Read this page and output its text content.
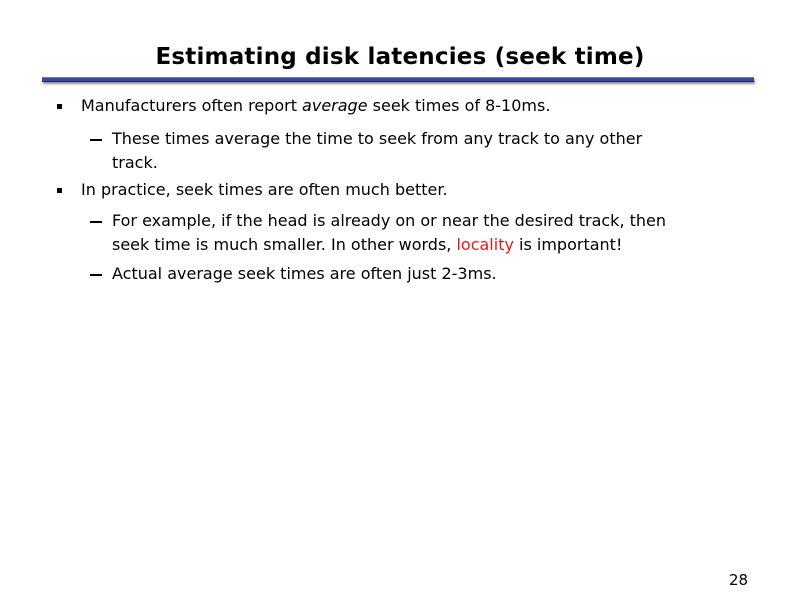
Estimating disk latencies (seek time)
Manufacturers often report average seek times of 8-10ms.
These times average the time to seek from any track to any other
track.
In practice, seek times are often much better.
For example, if the head is already on or near the desired track, then
seek time is much smaller. In other words, locality is important!
Actual average seek times are often just 2-3ms.
28
